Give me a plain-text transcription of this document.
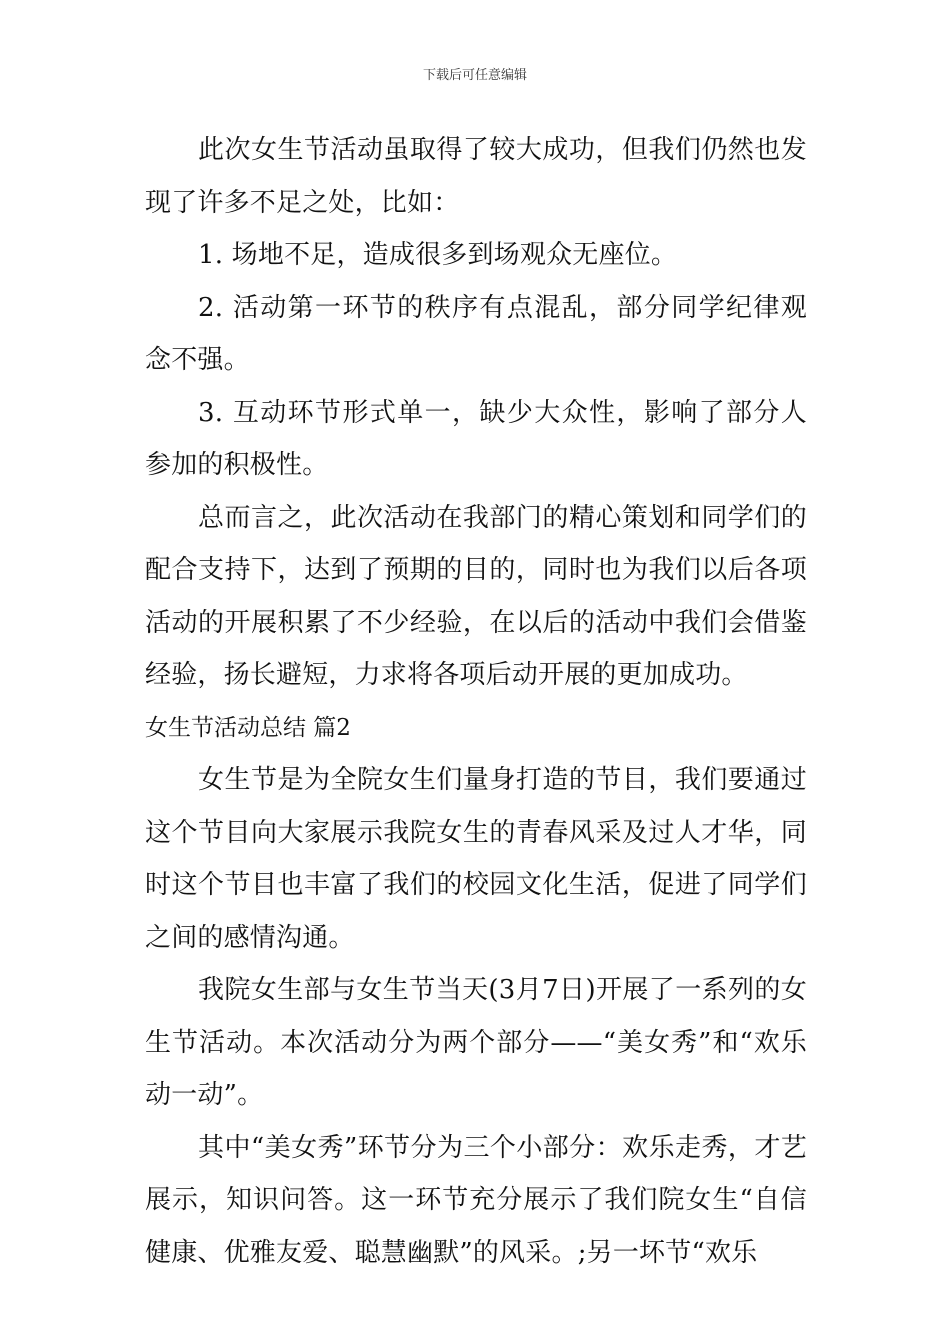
下载后可任意编辑

此次女生节活动虽取得了较大成功，但我们仍然也发现了许多不足之处，比如：

1. 场地不足，造成很多到场观众无座位。

2. 活动第一环节的秩序有点混乱，部分同学纪律观念不强。

3. 互动环节形式单一，缺少大众性，影响了部分人参加的积极性。

总而言之，此次活动在我部门的精心策划和同学们的配合支持下，达到了预期的目的，同时也为我们以后各项活动的开展积累了不少经验，在以后的活动中我们会借鉴经验，扬长避短，力求将各项后动开展的更加成功。

女生节活动总结 篇2

女生节是为全院女生们量身打造的节目，我们要通过这个节目向大家展示我院女生的青春风采及过人才华，同时这个节目也丰富了我们的校园文化生活，促进了同学们之间的感情沟通。

我院女生部与女生节当天(3月7日)开展了一系列的女生节活动。本次活动分为两个部分——“美女秀”和“欢乐动一动”。

其中“美女秀”环节分为三个小部分：欢乐走秀，才艺展示，知识问答。这一环节充分展示了我们院女生“自信健康、优雅友爱、聪慧幽默”的风采。;另一坏节“欢乐
